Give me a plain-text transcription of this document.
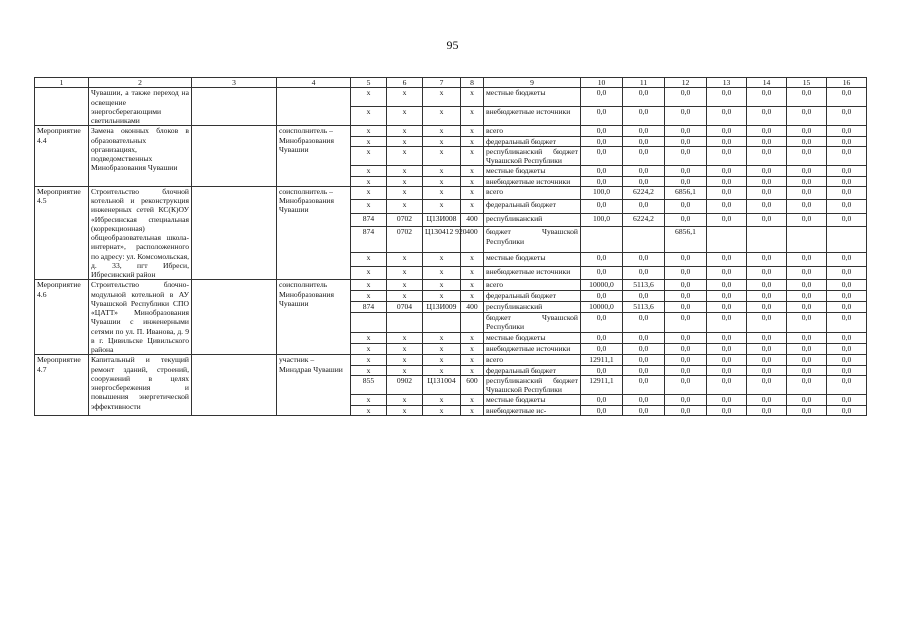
95
1	2	3	4	5	6	7	8	9	10	11	12	13	14	15	16
	Чувашии, а также переход на освещение энергосберегающими светильниками			x	x	x	x	местные бюджеты	0,0	0,0	0,0	0,0	0,0	0,0	0,0
				x	x	x	x	внебюджетные источники	0,0	0,0	0,0	0,0	0,0	0,0	0,0
Мероприятие 4.4	Замена оконных блоков в образовательных организациях, подведомственных Минобразования Чувашии		соисполнитель – Минобразования Чувашии	x	x	x	x	всего	0,0	0,0	0,0	0,0	0,0	0,0	0,0
				x	x	x	x	федеральный бюджет	0,0	0,0	0,0	0,0	0,0	0,0	0,0
				x	x	x	x	республиканский бюджет Чувашской Республики	0,0	0,0	0,0	0,0	0,0	0,0	0,0
				x	x	x	x	местные бюджеты	0,0	0,0	0,0	0,0	0,0	0,0	0,0
				x	x	x	x	внебюджетные источники	0,0	0,0	0,0	0,0	0,0	0,0	0,0
Мероприятие 4.5	Строительство блочной котельной и реконструкция инженерных сетей КС(К)ОУ «Ибресинская специальная (коррекционная) общеобразовательная школа-интернат», расположенного по адресу: ул. Комсомольская, д. 33, пгт Ибреси, Ибресинский район		соисполнитель – Минобразования Чувашии	x	x	x	x	всего	100,0	6224,2	6856,1	0,0	0,0	0,0	0,0
				x	x	x	x	федеральный бюджет	0,0	0,0	0,0	0,0	0,0	0,0	0,0
				874	0702	Ц13И008	400	республиканский	100,0	6224,2	0,0	0,0	0,0	0,0	0,0
				874	0702	Ц130412 920	400	бюджет Чувашской Республики			6856,1				
				x	x	x	x	местные бюджеты	0,0	0,0	0,0	0,0	0,0	0,0	0,0
				x	x	x	x	внебюджетные источники	0,0	0,0	0,0	0,0	0,0	0,0	0,0
Мероприятие 4.6	Строительство блочно-модульной котельной в АУ Чувашской Республики СПО «ЦАТТ» Минобразования Чувашии с инженерными сетями по ул. П. Иванова, д. 9 в г. Цивильске Цивильского района		соисполнитель Минобразования Чувашии	x	x	x	x	всего	10000,0	5113,6	0,0	0,0	0,0	0,0	0,0
				x	x	x	x	федеральный бюджет	0,0	0,0	0,0	0,0	0,0	0,0	0,0
				874	0704	Ц13И009	400	республиканский	10000,0	5113,6	0,0	0,0	0,0	0,0	0,0
								бюджет Чувашской Республики	0,0	0,0	0,0	0,0	0,0	0,0	0,0
				x	x	x	x	местные бюджеты	0,0	0,0	0,0	0,0	0,0	0,0	0,0
				x	x	x	x	внебюджетные источники	0,0	0,0	0,0	0,0	0,0	0,0	0,0
Мероприятие 4.7	Капитальный и текущий ремонт зданий, строений, сооружений в целях энергосбережения и повышения энергетической эффективности		участник – Минздрав Чувашии	x	x	x	x	всего	12911,1	0,0	0,0	0,0	0,0	0,0	0,0
				x	x	x	x	федеральный бюджет	0,0	0,0	0,0	0,0	0,0	0,0	0,0
				855	0902	Ц131004	600	республиканский бюджет Чувашской Республики	12911,1	0,0	0,0	0,0	0,0	0,0	0,0
				x	x	x	x	местные бюджеты	0,0	0,0	0,0	0,0	0,0	0,0	0,0
				x	x	x	x	внебюджетные ис-	0,0	0,0	0,0	0,0	0,0	0,0	0,0
